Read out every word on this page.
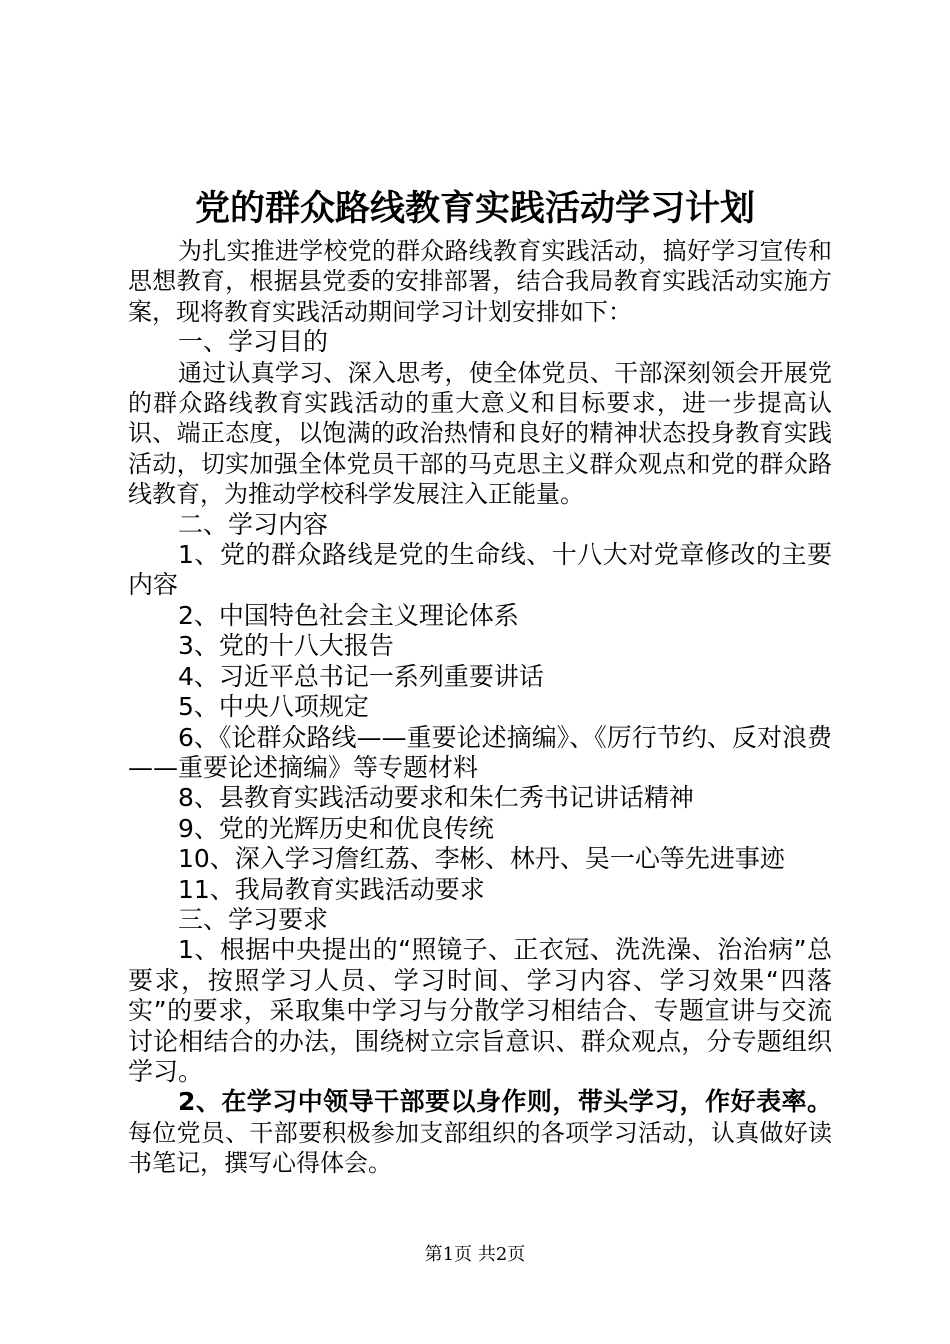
党的群众路线教育实践活动学习计划

为扎实推进学校党的群众路线教育实践活动，搞好学习宣传和思想教育，根据县党委的安排部署，结合我局教育实践活动实施方案，现将教育实践活动期间学习计划安排如下：

一、学习目的

通过认真学习、深入思考，使全体党员、干部深刻领会开展党的群众路线教育实践活动的重大意义和目标要求，进一步提高认识、端正态度，以饱满的政治热情和良好的精神状态投身教育实践活动，切实加强全体党员干部的马克思主义群众观点和党的群众路线教育，为推动学校科学发展注入正能量。

二、学习内容

1、党的群众路线是党的生命线、十八大对党章修改的主要内容

2、中国特色社会主义理论体系

3、党的十八大报告

4、习近平总书记一系列重要讲话

5、中央八项规定

6、《论群众路线——重要论述摘编》、《厉行节约、反对浪费——重要论述摘编》等专题材料

8、县教育实践活动要求和朱仁秀书记讲话精神

9、党的光辉历史和优良传统

10、深入学习詹红荔、李彬、林丹、吴一心等先进事迹

11、我局教育实践活动要求

三、学习要求

1、根据中央提出的“照镜子、正衣冠、洗洗澡、治治病”总要求，按照学习人员、学习时间、学习内容、学习效果“四落实”的要求，采取集中学习与分散学习相结合、专题宣讲与交流讨论相结合的办法，围绕树立宗旨意识、群众观点，分专题组织学习。

2、在学习中领导干部要以身作则，带头学习，作好表率。每位党员、干部要积极参加支部组织的各项学习活动，认真做好读书笔记，撰写心得体会。

第1页 共2页
